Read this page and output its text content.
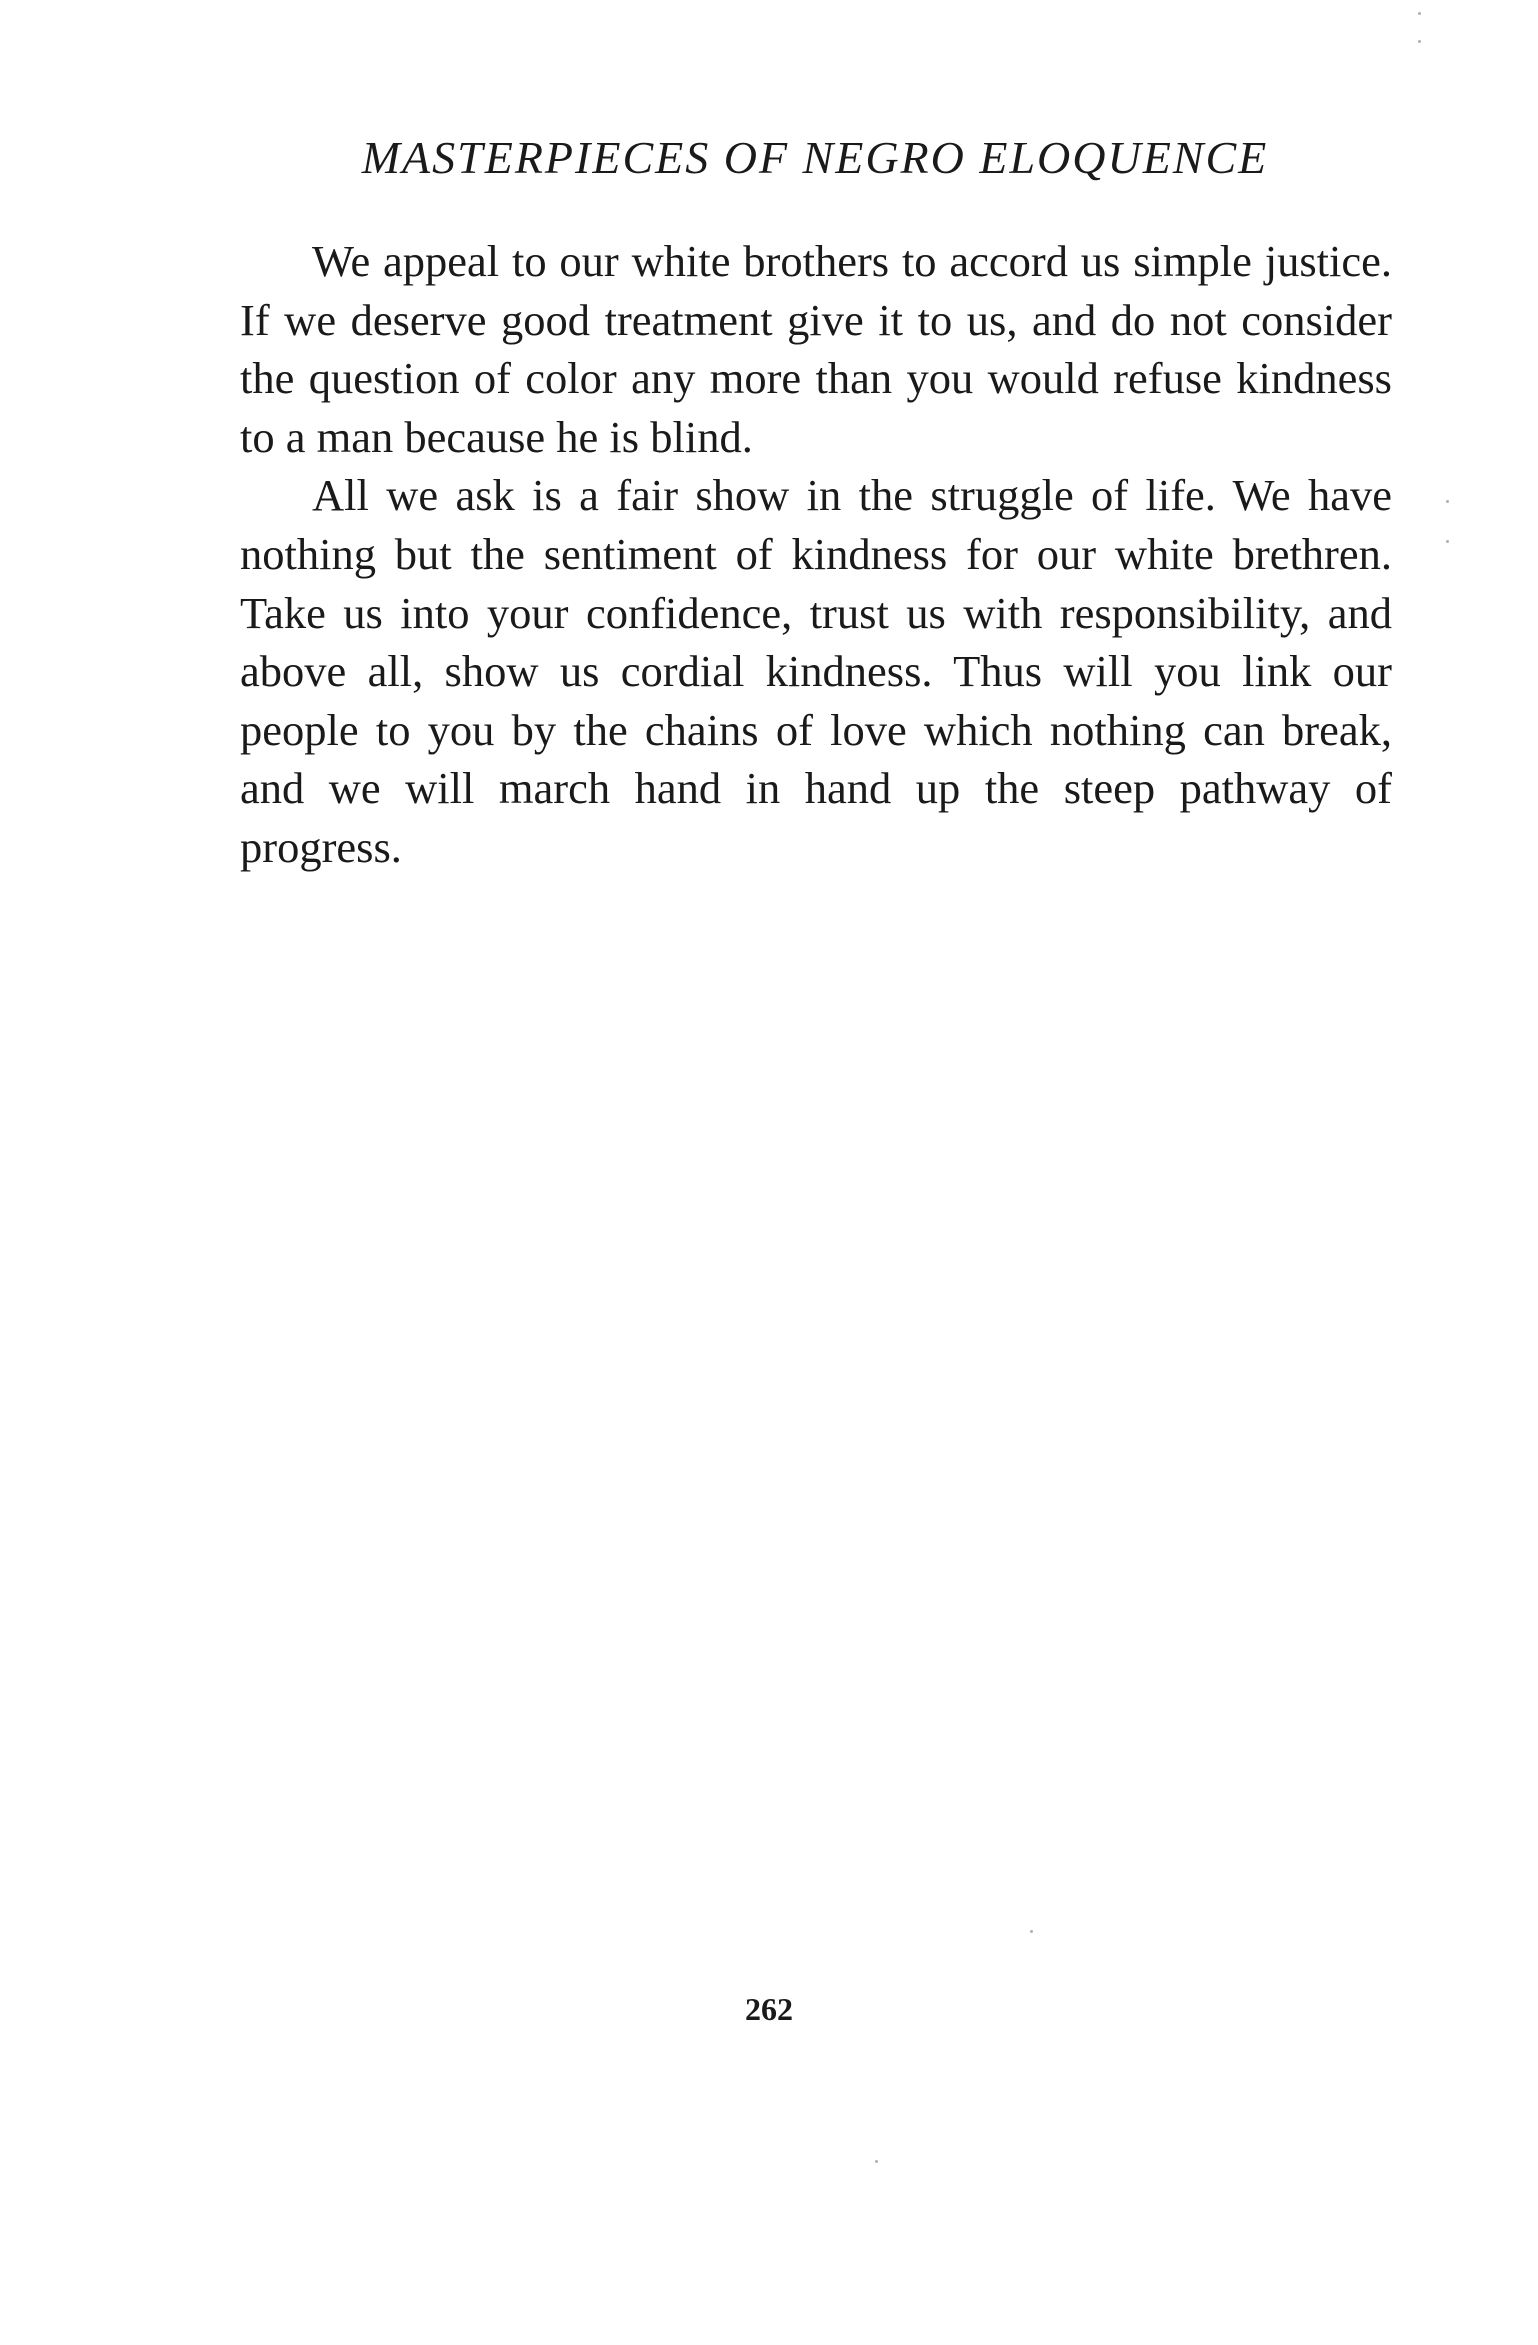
MASTERPIECES OF NEGRO ELOQUENCE

We appeal to our white brothers to accord us simple justice. If we deserve good treatment give it to us, and do not consider the question of color any more than you would refuse kindness to a man because he is blind.

All we ask is a fair show in the struggle of life. We have nothing but the sentiment of kindness for our white brethren. Take us into your confidence, trust us with responsibility, and above all, show us cordial kindness. Thus will you link our people to you by the chains of love which nothing can break, and we will march hand in hand up the steep pathway of progress.

262
